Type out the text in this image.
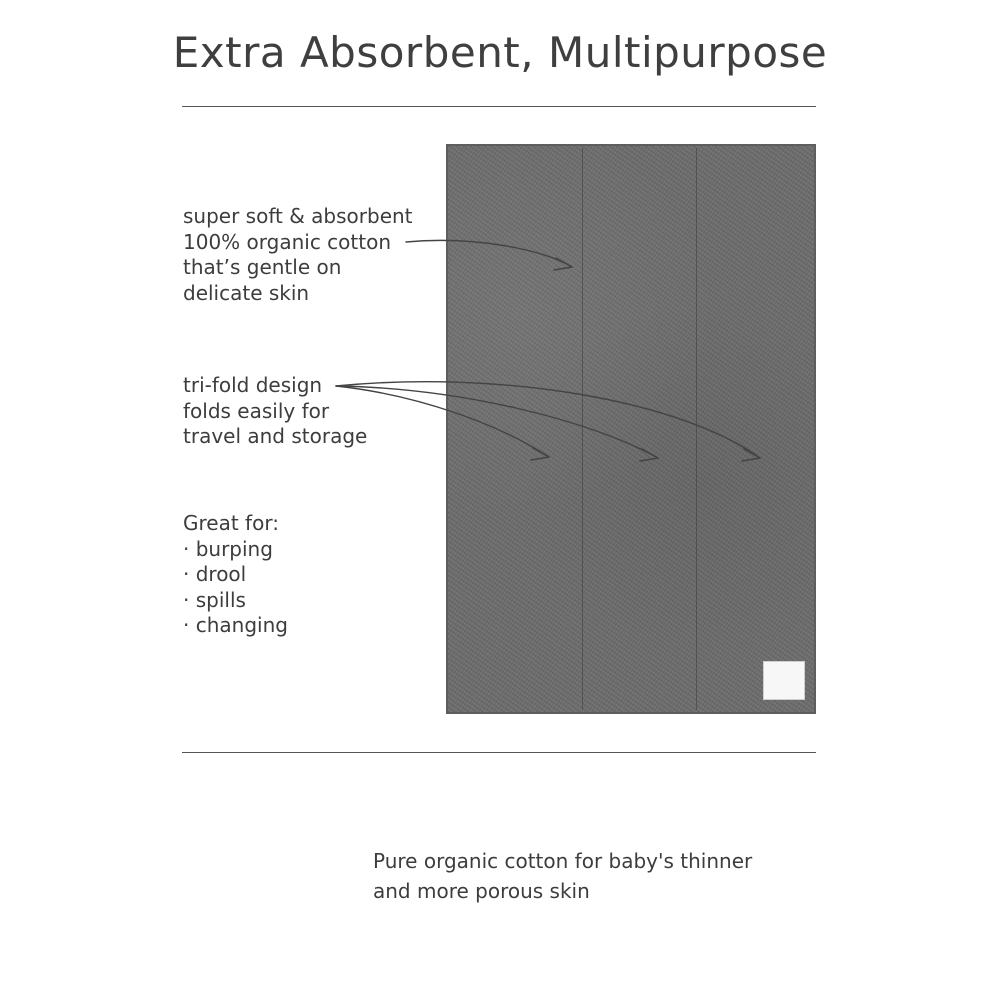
Extra Absorbent, Multipurpose
super soft & absorbent
100% organic cotton
that’s gentle on
delicate skin
tri-fold design
folds easily for
travel and storage
Great for:
· burping
· drool
· spills
· changing
Pure organic cotton for baby's thinner
and more porous skin
